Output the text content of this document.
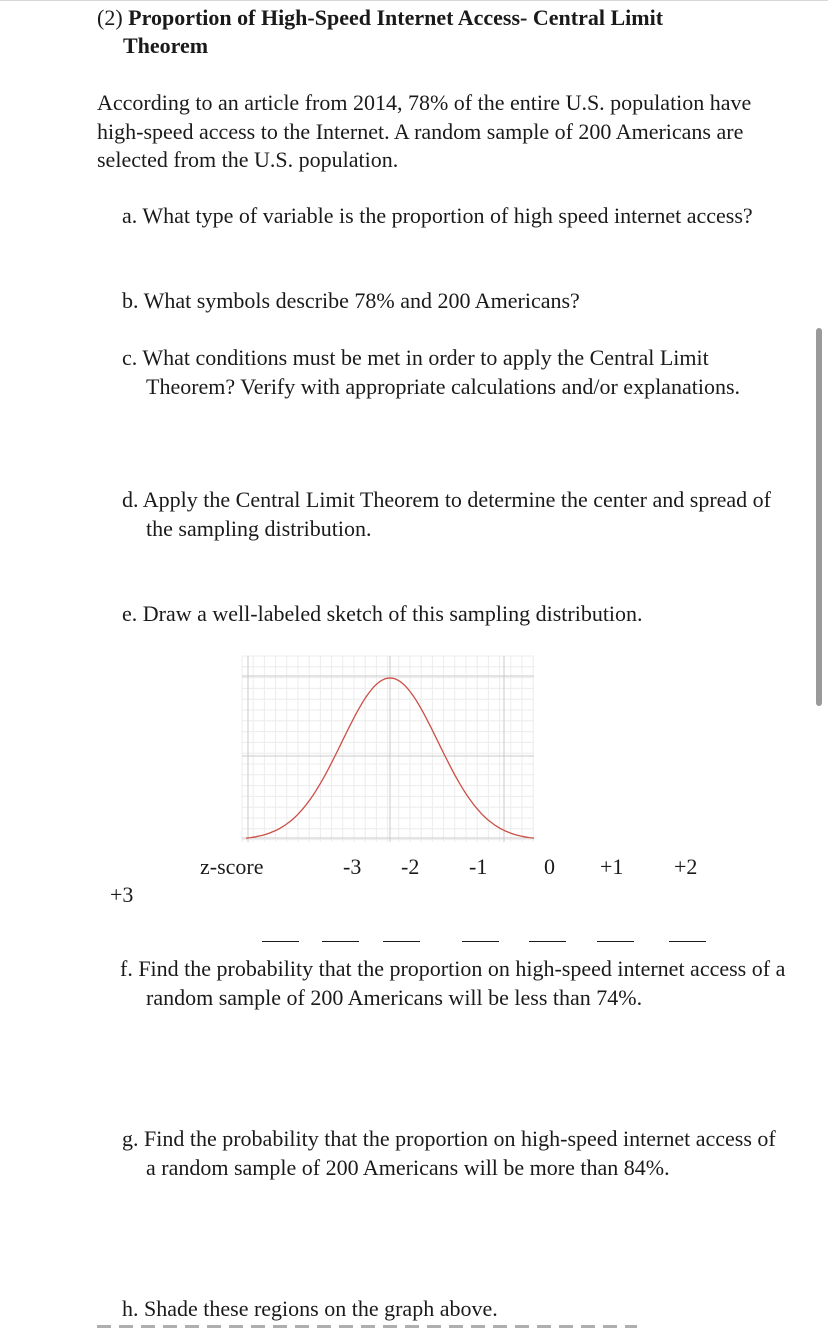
(2) Proportion of High-Speed Internet Access- Central Limit
Theorem
According to an article from 2014, 78% of the entire U.S. population have high-speed access to the Internet. A random sample of 200 Americans are selected from the U.S. population.
a. What type of variable is the proportion of high speed internet access?
b. What symbols describe 78% and 200 Americans?
c. What conditions must be met in order to apply the Central Limit Theorem? Verify with appropriate calculations and/or explanations.
d. Apply the Central Limit Theorem to determine the center and spread of the sampling distribution.
e. Draw a well-labeled sketch of this sampling distribution.
z-score	-3 -2 -1	0 +1 +2
+3
f. Find the probability that the proportion on high-speed internet access of a random sample of 200 Americans will be less than 74%.
g. Find the probability that the proportion on high-speed internet access of a random sample of 200 Americans will be more than 84%.
h. Shade these regions on the graph above.
